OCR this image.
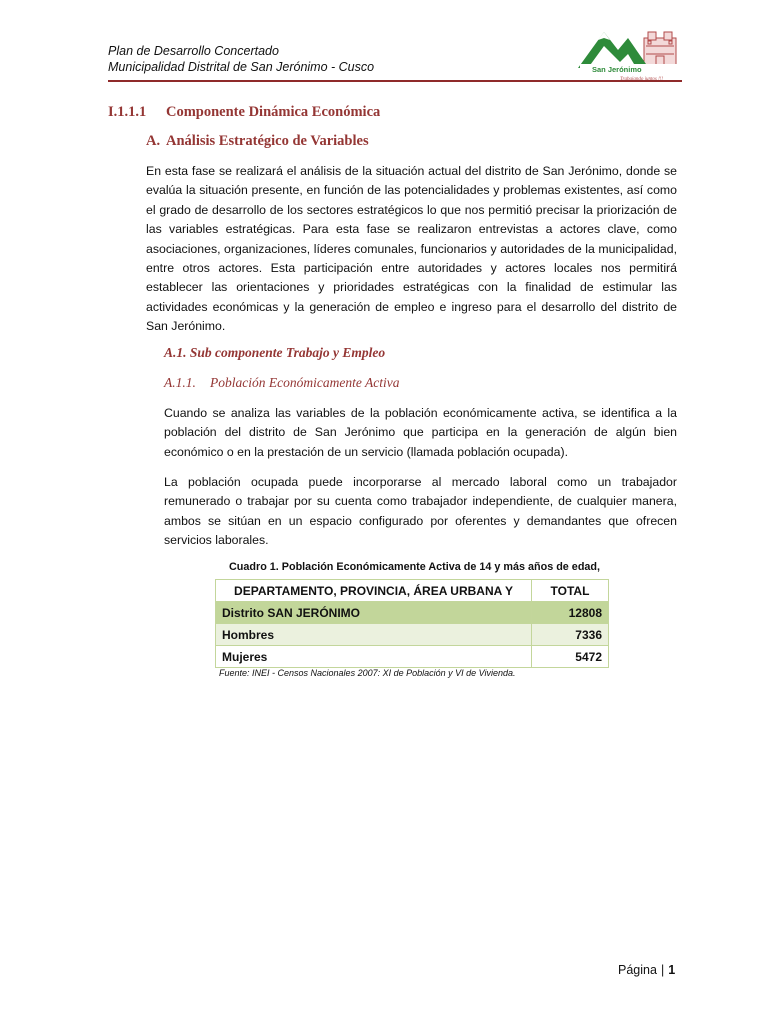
Plan de Desarrollo Concertado
Municipalidad Distrital de San Jerónimo - Cusco	San Jerónimo
I.1.1.1 Componente Dinámica Económica
A. Análisis Estratégico de Variables

En esta fase se realizará el análisis de la situación actual del distrito de San Jerónimo, donde se evalúa la situación presente, en función de las potencialidades y problemas existentes, así como el grado de desarrollo de los sectores estratégicos lo que nos permitió precisar la priorización de las variables estratégicas. Para esta fase se realizaron entrevistas a actores clave, como asociaciones, organizaciones, líderes comunales, funcionarios y autoridades de la municipalidad, entre otros actores. Esta participación entre autoridades y actores locales nos permitirá establecer las orientaciones y prioridades estratégicas con la finalidad de estimular las actividades económicas y la generación de empleo e ingreso para el desarrollo del distrito de San Jerónimo.

A.1. Sub componente Trabajo y Empleo
A.1.1. Población Económicamente Activa

Cuando se analiza las variables de la población económicamente activa, se identifica a la población del distrito de San Jerónimo que participa en la generación de algún bien económico o en la prestación de un servicio (llamada población ocupada).

La población ocupada puede incorporarse al mercado laboral como un trabajador remunerado o trabajar por su cuenta como trabajador independiente, de cualquier manera, ambos se sitúan en un espacio configurado por oferentes y demandantes que ofrecen servicios laborales.

Cuadro 1. Población Económicamente Activa de 14 y más años de edad,
DEPARTAMENTO, PROVINCIA, ÁREA URBANA Y	TOTAL
Distrito SAN JERÓNIMO	12808
Hombres	7336
Mujeres	5472
Fuente: INEI - Censos Nacionales 2007: XI de Población y VI de Vivienda.
Página | 1
